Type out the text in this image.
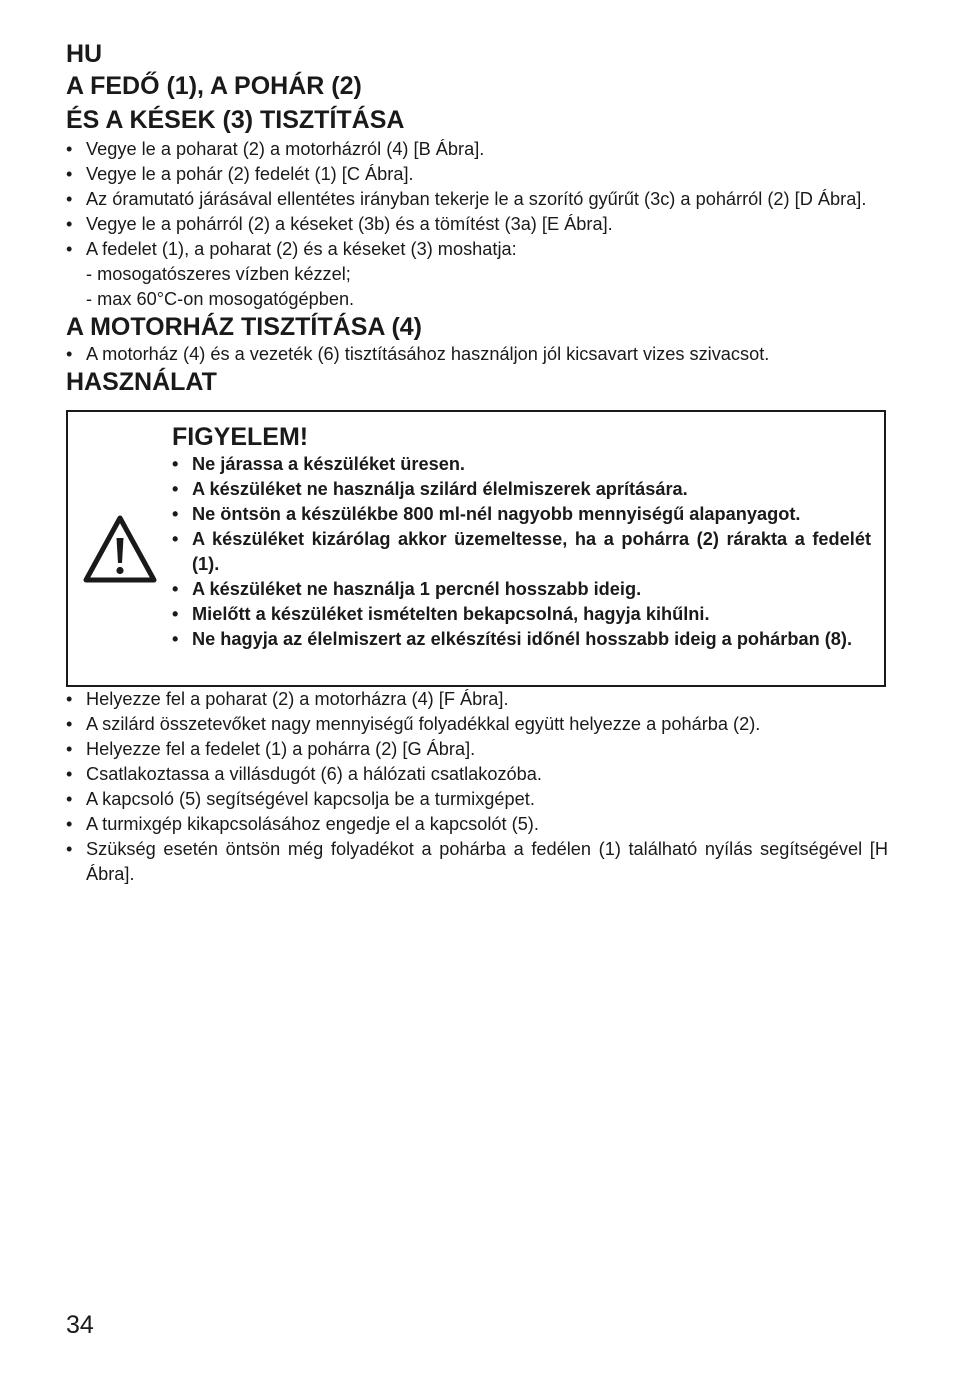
HU

A FEDŐ (1), A POHÁR (2)
ÉS A KÉSEK (3) TISZTÍTÁSA
• Vegye le a poharat (2) a motorházról (4) [B Ábra].
• Vegye le a pohár (2) fedelét (1) [C Ábra].
• Az óramutató járásával ellentétes irányban tekerje le a szorító gyűrűt (3c) a pohárról (2) [D Ábra].
• Vegye le a pohárról (2) a késeket (3b) és a tömítést (3a) [E Ábra].
• A fedelet (1), a poharat (2) és a késeket (3) moshatja:
- mosogatószeres vízben kézzel;
- max 60°C-on mosogatógépben.
A MOTORHÁZ TISZTÍTÁSA (4)
• A motorház (4) és a vezeték (6) tisztításához használjon jól kicsavart vizes szivacsot.
HASZNÁLAT

FIGYELEM!

• Ne járassa a készüléket üresen.
• A készüléket ne használja szilárd élelmiszerek aprítására.
• Ne öntsön a készülékbe 800 ml-nél nagyobb mennyiségű alapanyagot.
• A készüléket kizárólag akkor üzemeltesse, ha a pohárra (2) rárakta a fedelét (1).
• A készüléket ne használja 1 percnél hosszabb ideig.
• Mielőtt a készüléket ismételten bekapcsolná, hagyja kihűlni.
• Ne hagyja az élelmiszert az elkészítési időnél hosszabb ideig a pohárban (8).
• Helyezze fel a poharat (2) a motorházra (4) [F Ábra].
• A szilárd összetevőket nagy mennyiségű folyadékkal együtt helyezze a pohárba (2).
• Helyezze fel a fedelet (1) a pohárra (2) [G Ábra].
• Csatlakoztassa a villásdugót (6) a hálózati csatlakozóba.
• A kapcsoló (5) segítségével kapcsolja be a turmixgépet.
• A turmixgép kikapcsolásához engedje el a kapcsolót (5).
• Szükség esetén öntsön még folyadékot a pohárba a fedélen (1) található nyílás segítségével [H Ábra].
34
